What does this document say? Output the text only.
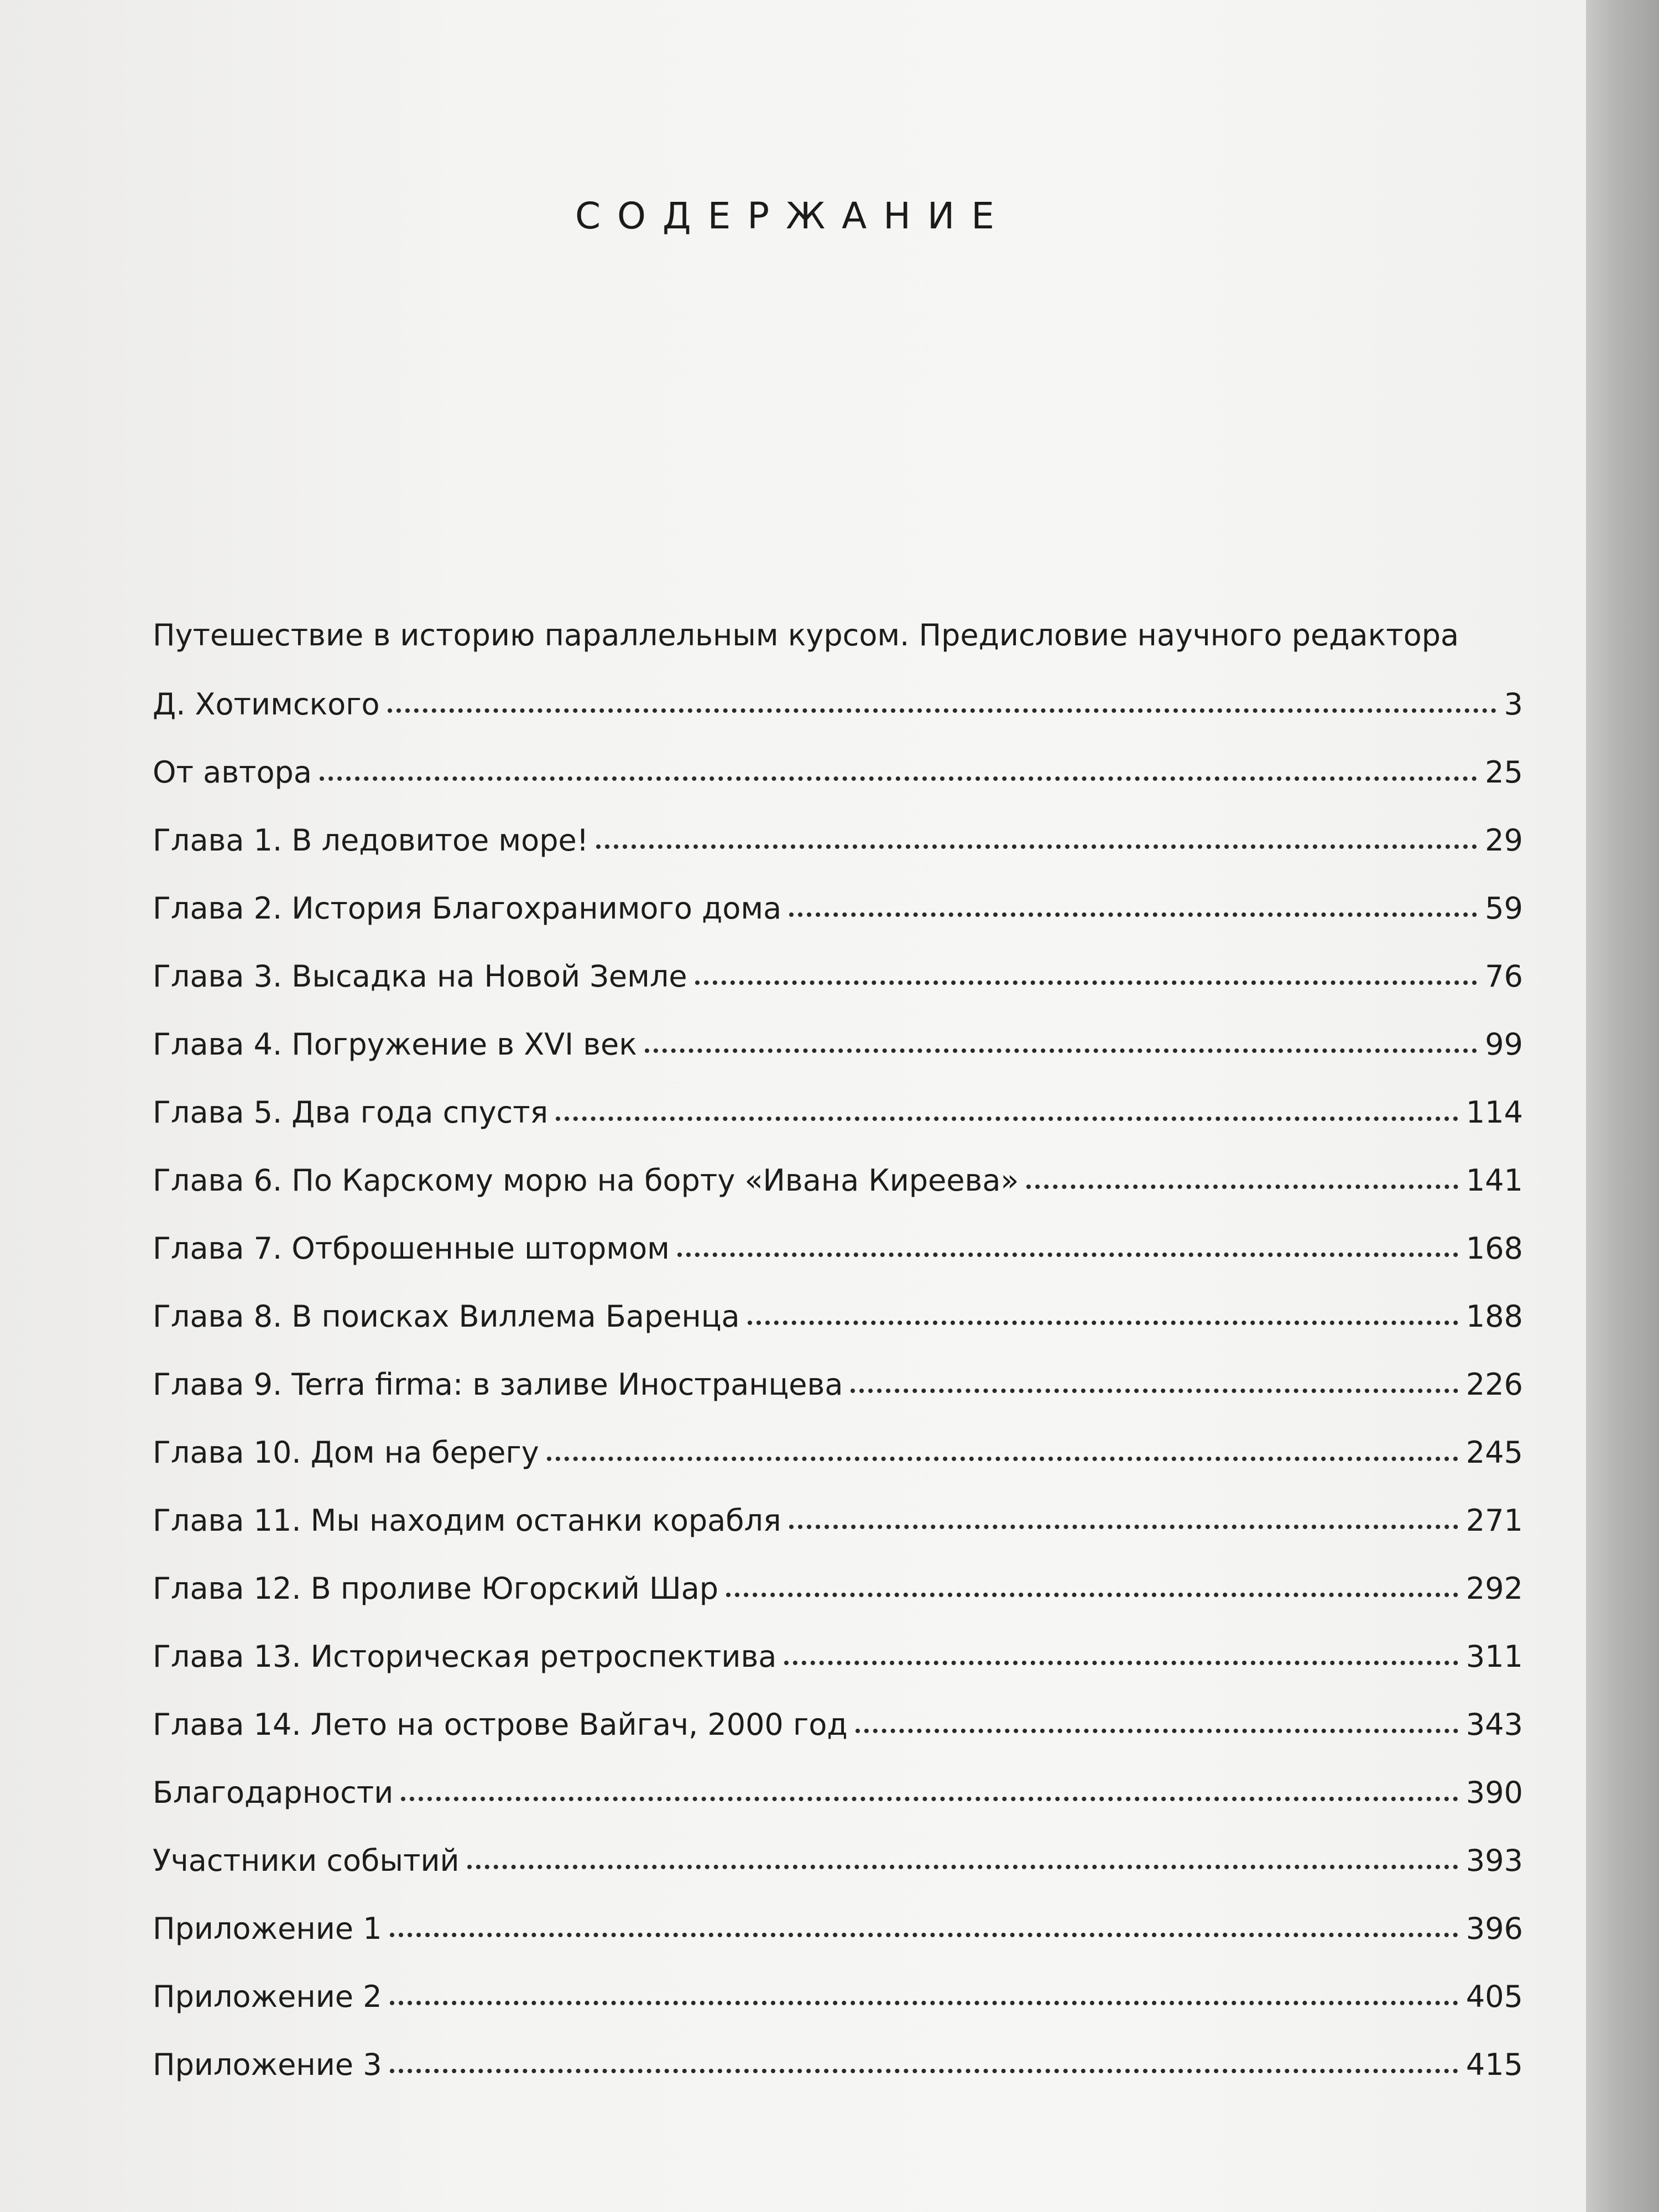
СОДЕРЖАНИЕ
Путешествие в историю параллельным курсом. Предисловие научного редактора
Д. Хотимского	3
От автора	25
Глава 1. В ледовитое море!	29
Глава 2. История Благохранимого дома	59
Глава 3. Высадка на Новой Земле	76
Глава 4. Погружение в XVI век	99
Глава 5. Два года спустя	114
Глава 6. По Карскому морю на борту «Ивана Киреева»	141
Глава 7. Отброшенные штормом	168
Глава 8. В поисках Виллема Баренца	188
Глава 9. Terra firma: в заливе Иностранцева	226
Глава 10. Дом на берегу	245
Глава 11. Мы находим останки корабля	271
Глава 12. В проливе Югорский Шар	292
Глава 13. Историческая ретроспектива	311
Глава 14. Лето на острове Вайгач, 2000 год	343
Благодарности	390
Участники событий	393
Приложение 1	396
Приложение 2	405
Приложение 3	415
